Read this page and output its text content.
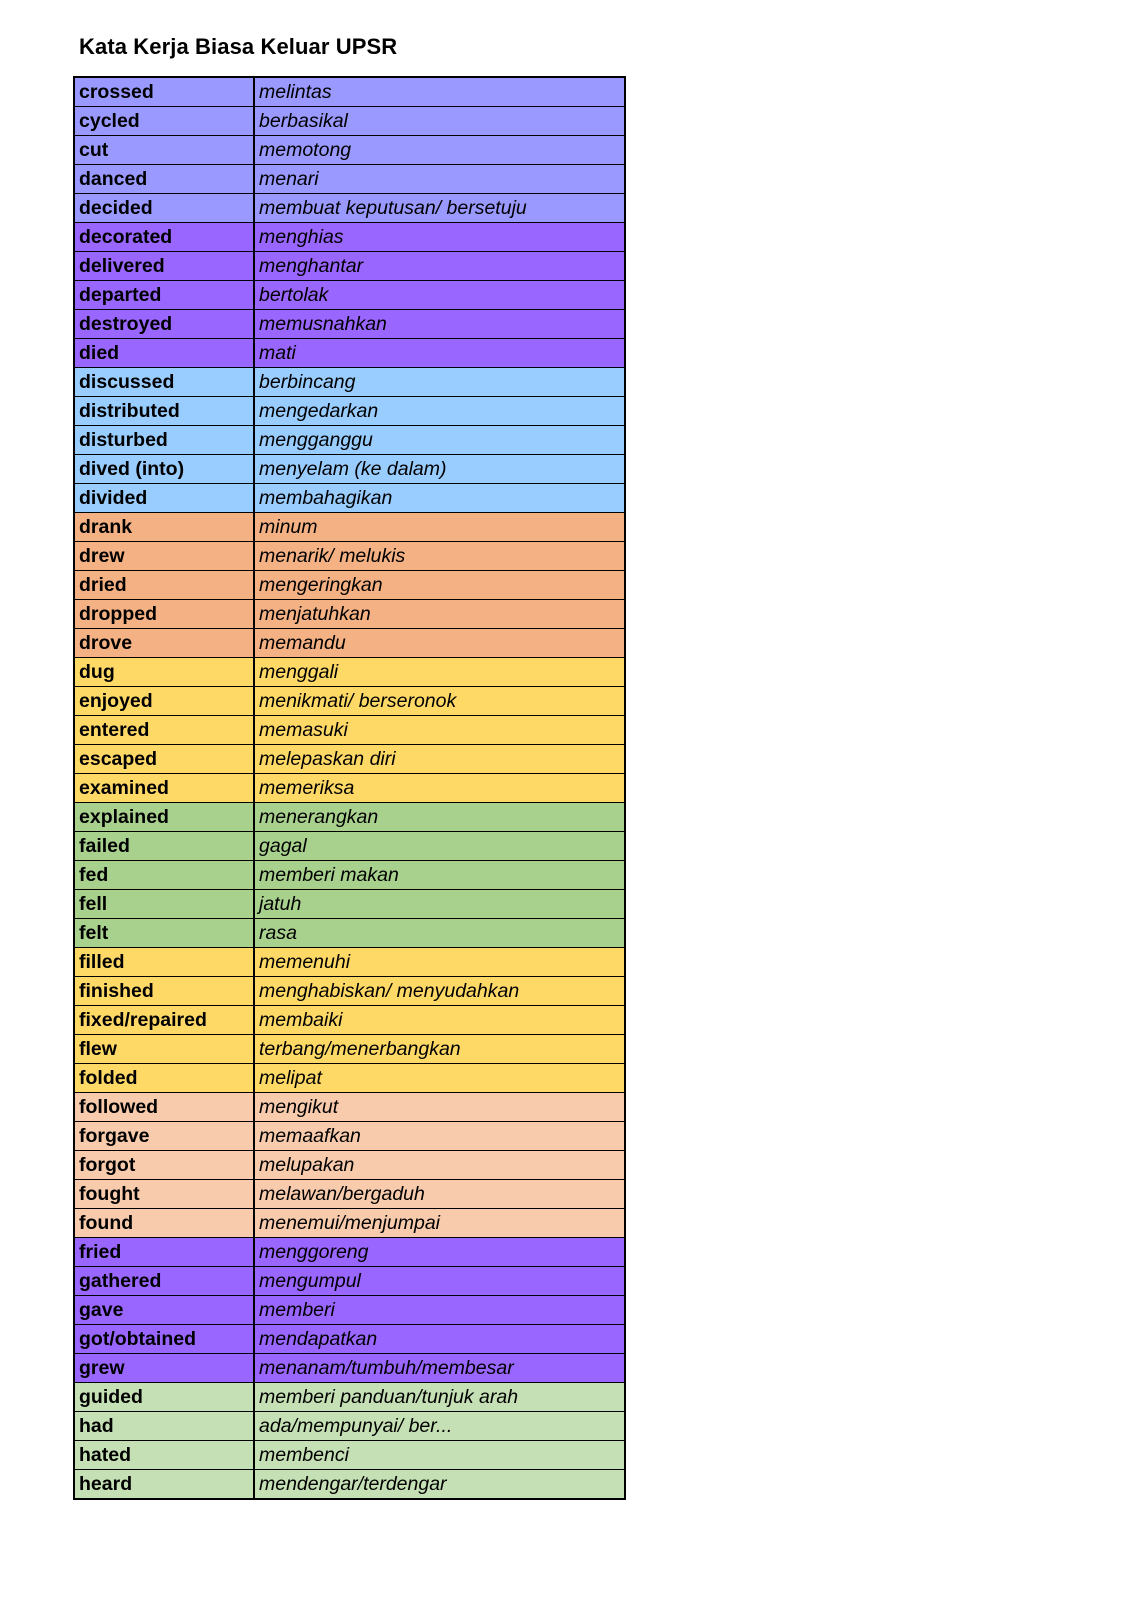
Kata Kerja Biasa Keluar UPSR
crossed	melintas
cycled	berbasikal
cut	memotong
danced	menari
decided	membuat keputusan/ bersetuju
decorated	menghias
delivered	menghantar
departed	bertolak
destroyed	memusnahkan
died	mati
discussed	berbincang
distributed	mengedarkan
disturbed	mengganggu
dived (into)	menyelam (ke dalam)
divided	membahagikan
drank	minum
drew	menarik/ melukis
dried	mengeringkan
dropped	menjatuhkan
drove	memandu
dug	menggali
enjoyed	menikmati/ berseronok
entered	memasuki
escaped	melepaskan diri
examined	memeriksa
explained	menerangkan
failed	gagal
fed	memberi makan
fell	jatuh
felt	rasa
filled	memenuhi
finished	menghabiskan/ menyudahkan
fixed/repaired	membaiki
flew	terbang/menerbangkan
folded	melipat
followed	mengikut
forgave	memaafkan
forgot	melupakan
fought	melawan/bergaduh
found	menemui/menjumpai
fried	menggoreng
gathered	mengumpul
gave	memberi
got/obtained	mendapatkan
grew	menanam/tumbuh/membesar
guided	memberi panduan/tunjuk arah
had	ada/mempunyai/ ber...
hated	membenci
heard	mendengar/terdengar
